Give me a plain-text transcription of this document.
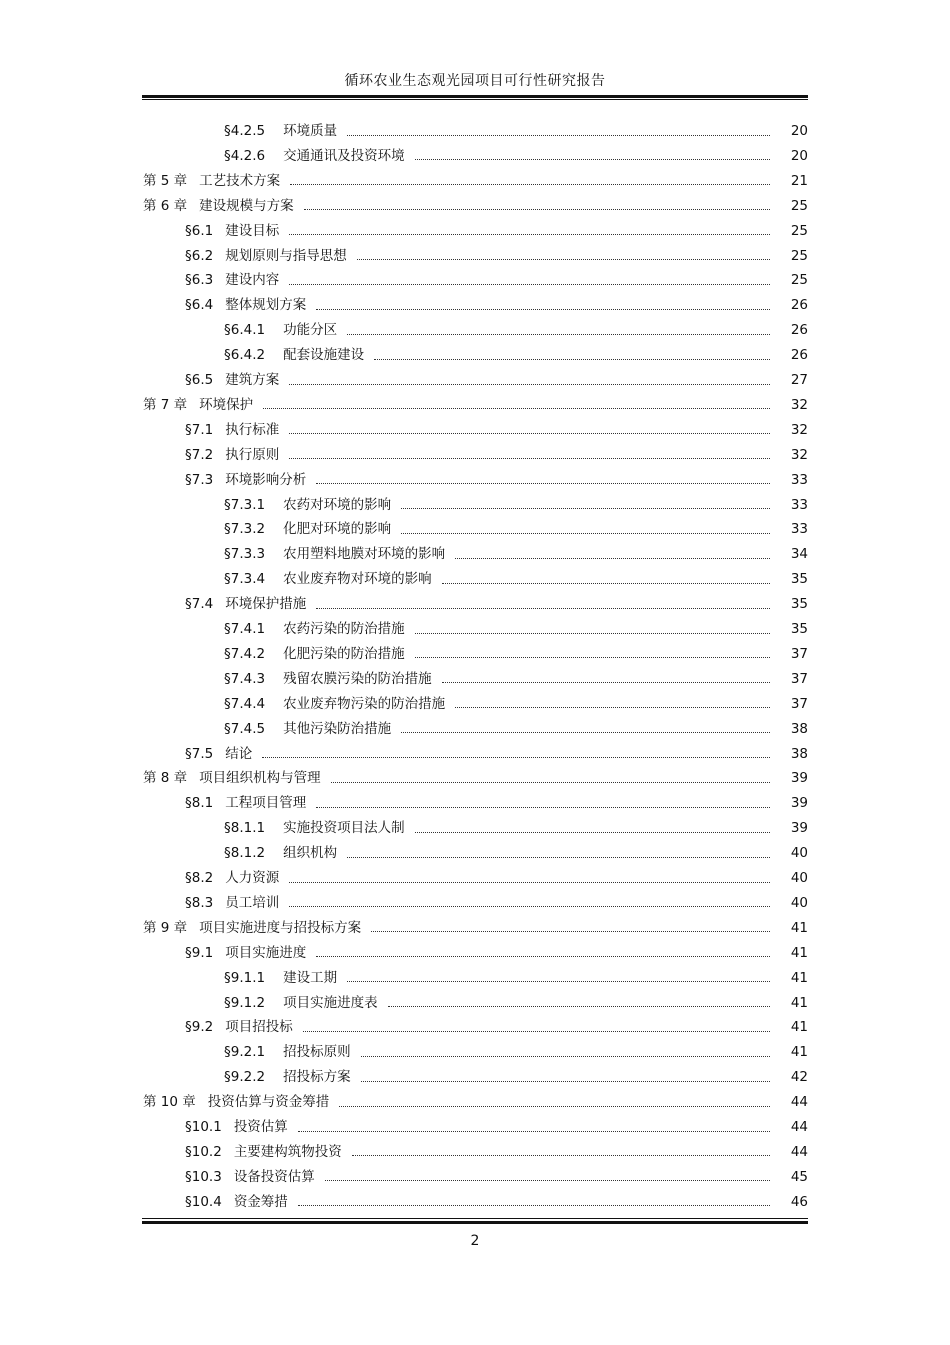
循环农业生态观光园项目可行性研究报告
§4.2.5 环境质量	20
§4.2.6 交通通讯及投资环境	20
第 5 章 工艺技术方案	21
第 6 章 建设规模与方案	25
§6.1 建设目标	25
§6.2 规划原则与指导思想	25
§6.3 建设内容	25
§6.4 整体规划方案	26
§6.4.1 功能分区	26
§6.4.2 配套设施建设	26
§6.5 建筑方案	27
第 7 章 环境保护	32
§7.1 执行标准	32
§7.2 执行原则	32
§7.3 环境影响分析	33
§7.3.1 农药对环境的影响	33
§7.3.2 化肥对环境的影响	33
§7.3.3 农用塑料地膜对环境的影响	34
§7.3.4 农业废弃物对环境的影响	35
§7.4 环境保护措施	35
§7.4.1 农药污染的防治措施	35
§7.4.2 化肥污染的防治措施	37
§7.4.3 残留农膜污染的防治措施	37
§7.4.4 农业废弃物污染的防治措施	37
§7.4.5 其他污染防治措施	38
§7.5 结论	38
第 8 章 项目组织机构与管理	39
§8.1 工程项目管理	39
§8.1.1 实施投资项目法人制	39
§8.1.2 组织机构	40
§8.2 人力资源	40
§8.3 员工培训	40
第 9 章 项目实施进度与招投标方案	41
§9.1 项目实施进度	41
§9.1.1 建设工期	41
§9.1.2 项目实施进度表	41
§9.2 项目招投标	41
§9.2.1 招投标原则	41
§9.2.2 招投标方案	42
第 10 章 投资估算与资金筹措	44
§10.1 投资估算	44
§10.2 主要建构筑物投资	44
§10.3 设备投资估算	45
§10.4 资金筹措	46
2
